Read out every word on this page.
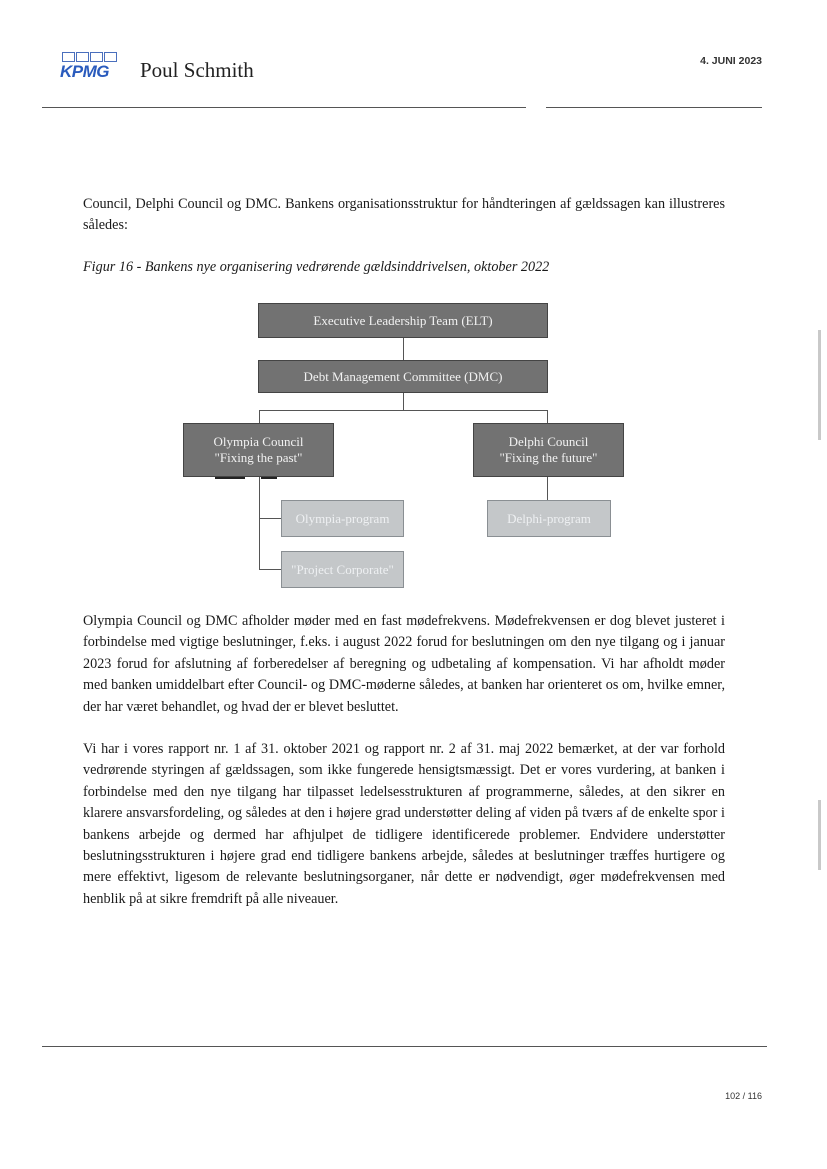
KPMG Poul Schmith	4. JUNI 2023

Council, Delphi Council og DMC. Bankens organisationsstruktur for håndteringen af gældssagen kan illustreres således:

Figur 16 - Bankens nye organisering vedrørende gældsinddrivelsen, oktober 2022
Executive Leadership Team (ELT)
Debt Management Committee (DMC)
Olympia Council
"Fixing the past"
Delphi Council
"Fixing the future"
Olympia-program
"Project Corporate"
Delphi-program

Olympia Council og DMC afholder møder med en fast mødefrekvens. Mødefrekvensen er dog blevet justeret i forbindelse med vigtige beslutninger, f.eks. i august 2022 forud for beslutningen om den nye tilgang og i januar 2023 forud for afslutning af forberedelser af beregning og udbetaling af kompensation. Vi har afholdt møder med banken umiddelbart efter Council- og DMC-møderne således, at banken har orienteret os om, hvilke emner, der har været behandlet, og hvad der er blevet besluttet.

Vi har i vores rapport nr. 1 af 31. oktober 2021 og rapport nr. 2 af 31. maj 2022 bemærket, at der var forhold vedrørende styringen af gældssagen, som ikke fungerede hensigtsmæssigt. Det er vores vurdering, at banken i forbindelse med den nye tilgang har tilpasset ledelsesstrukturen af programmerne, således, at den sikrer en klarere ansvarsfordeling, og således at den i højere grad understøtter deling af viden på tværs af de enkelte spor i bankens arbejde og dermed har afhjulpet de tidligere identificerede problemer. Endvidere understøtter beslutningsstrukturen i højere grad end tidligere bankens arbejde, således at beslutninger træffes hurtigere og mere effektivt, ligesom de relevante beslutningsorganer, når dette er nødvendigt, øger mødefrekvensen med henblik på at sikre fremdrift på alle niveauer.

102 / 116
